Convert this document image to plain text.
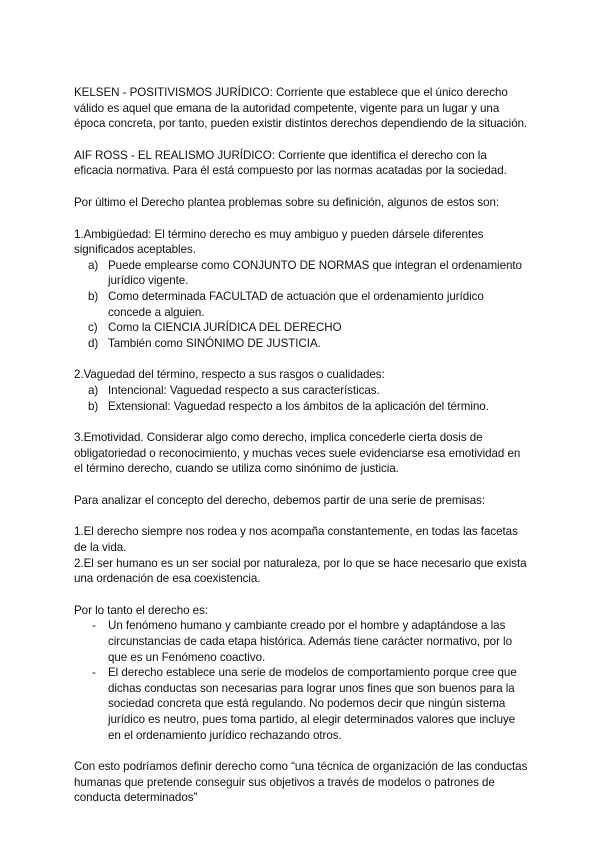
KELSEN - POSITIVISMOS JURÍDICO: Corriente que establece que el único derecho válido es aquel que emana de la autoridad competente, vigente para un lugar y una época concreta, por tanto, pueden existir distintos derechos dependiendo de la situación.

AIF ROSS - EL REALISMO JURÍDICO: Corriente que identifica el derecho con la eficacia normativa. Para él está compuesto por las normas acatadas por la sociedad.

Por último el Derecho plantea problemas sobre su definición, algunos de estos son:

1.Ambigüedad: El término derecho es muy ambiguo y pueden dársele diferentes significados aceptables.

a) Puede emplearse como CONJUNTO DE NORMAS que integran el ordenamiento jurídico vigente.
b) Como determinada FACULTAD de actuación que el ordenamiento jurídico concede a alguien.
c) Como la CIENCIA JURÍDICA DEL DERECHO
d) También como SINÓNIMO DE JUSTICIA.

2.Vaguedad del término, respecto a sus rasgos o cualidades:

a) Intencional: Vaguedad respecto a sus características.
b) Extensional: Vaguedad respecto a los ámbitos de la aplicación del término.

3.Emotividad. Considerar algo como derecho, implica concederle cierta dosis de obligatoriedad o reconocimiento, y muchas veces suele evidenciarse esa emotividad en el término derecho, cuando se utiliza como sinónimo de justicia.

Para analizar el concepto del derecho, debemos partir de una serie de premisas:

1.El derecho siempre nos rodea y nos acompaña constantemente, en todas las facetas de la vida.

2.El ser humano es un ser social por naturaleza, por lo que se hace necesario que exista una ordenación de esa coexistencia.

Por lo tanto el derecho es:

-	Un fenómeno humano y cambiante creado por el hombre y adaptándose a las circunstancias de cada etapa histórica. Además tiene carácter normativo, por lo que es un Fenómeno coactivo.
-	El derecho establece una serie de modelos de comportamiento porque cree que dichas conductas son necesarias para lograr unos fines que son buenos para la sociedad concreta que está regulando. No podemos decir que ningún sistema jurídico es neutro, pues toma partido, al elegir determinados valores que incluye en el ordenamiento jurídico rechazando otros.

Con esto podríamos definir derecho como “una técnica de organización de las conductas humanas que pretende conseguir sus objetivos a través de modelos o patrones de conducta determinados”
